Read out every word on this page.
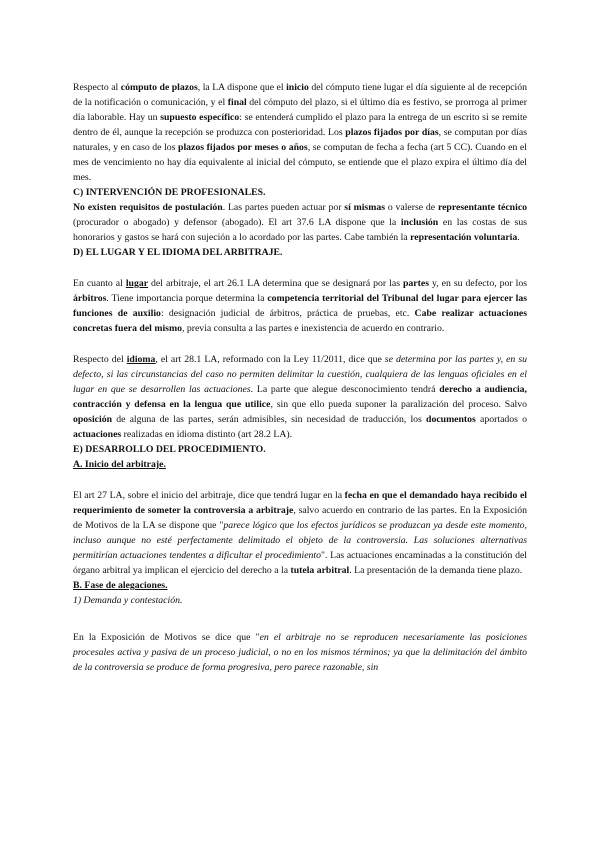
Respecto al cómputo de plazos, la LA dispone que el inicio del cómputo tiene lugar el día siguiente al de recepción de la notificación o comunicación, y el final del cómputo del plazo, si el último día es festivo, se prorroga al primer día laborable. Hay un supuesto específico: se entenderá cumplido el plazo para la entrega de un escrito si se remite dentro de él, aunque la recepción se produzca con posterioridad. Los plazos fijados por días, se computan por días naturales, y en caso de los plazos fijados por meses o años, se computan de fecha a fecha (art 5 CC). Cuando en el mes de vencimiento no hay día equivalente al inicial del cómputo, se entiende que el plazo expira el último día del mes.

C) INTERVENCIÓN DE PROFESIONALES.

No existen requisitos de postulación. Las partes pueden actuar por sí mismas o valerse de representante técnico (procurador o abogado) y defensor (abogado). El art 37.6 LA dispone que la inclusión en las costas de sus honorarios y gastos se hará con sujeción a lo acordado por las partes. Cabe también la representación voluntaria.

D) EL LUGAR Y EL IDIOMA DEL ARBITRAJE.

En cuanto al lugar del arbitraje, el art 26.1 LA determina que se designará por las partes y, en su defecto, por los árbitros. Tiene importancia porque determina la competencia territorial del Tribunal del lugar para ejercer las funciones de auxilio: designación judicial de árbitros, práctica de pruebas, etc. Cabe realizar actuaciones concretas fuera del mismo, previa consulta a las partes e inexistencia de acuerdo en contrario.

Respecto del idioma, el art 28.1 LA, reformado con la Ley 11/2011, dice que se determina por las partes y, en su defecto, si las circunstancias del caso no permiten delimitar la cuestión, cualquiera de las lenguas oficiales en el lugar en que se desarrollen las actuaciones. La parte que alegue desconocimiento tendrá derecho a audiencia, contracción y defensa en la lengua que utilice, sin que ello pueda suponer la paralización del proceso. Salvo oposición de alguna de las partes, serán admisibles, sin necesidad de traducción, los documentos aportados o actuaciones realizadas en idioma distinto (art 28.2 LA).

E) DESARROLLO DEL PROCEDIMIENTO.

A. Inicio del arbitraje.

El art 27 LA, sobre el inicio del arbitraje, dice que tendrá lugar en la fecha en que el demandado haya recibido el requerimiento de someter la controversia a arbitraje, salvo acuerdo en contrario de las partes. En la Exposición de Motivos de la LA se dispone que "parece lógico que los efectos jurídicos se produzcan ya desde este momento, incluso aunque no esté perfectamente delimitado el objeto de la controversia. Las soluciones alternativas permitirían actuaciones tendentes a dificultar el procedimiento". Las actuaciones encaminadas a la constitución del órgano arbitral ya implican el ejercicio del derecho a la tutela arbitral. La presentación de la demanda tiene plazo.

B. Fase de alegaciones.

1) Demanda y contestación.

En la Exposición de Motivos se dice que "en el arbitraje no se reproducen necesariamente las posiciones procesales activa y pasiva de un proceso judicial, o no en los mismos términos; ya que la delimitación del ámbito de la controversia se produce de forma progresiva, pero parece razonable, sin
